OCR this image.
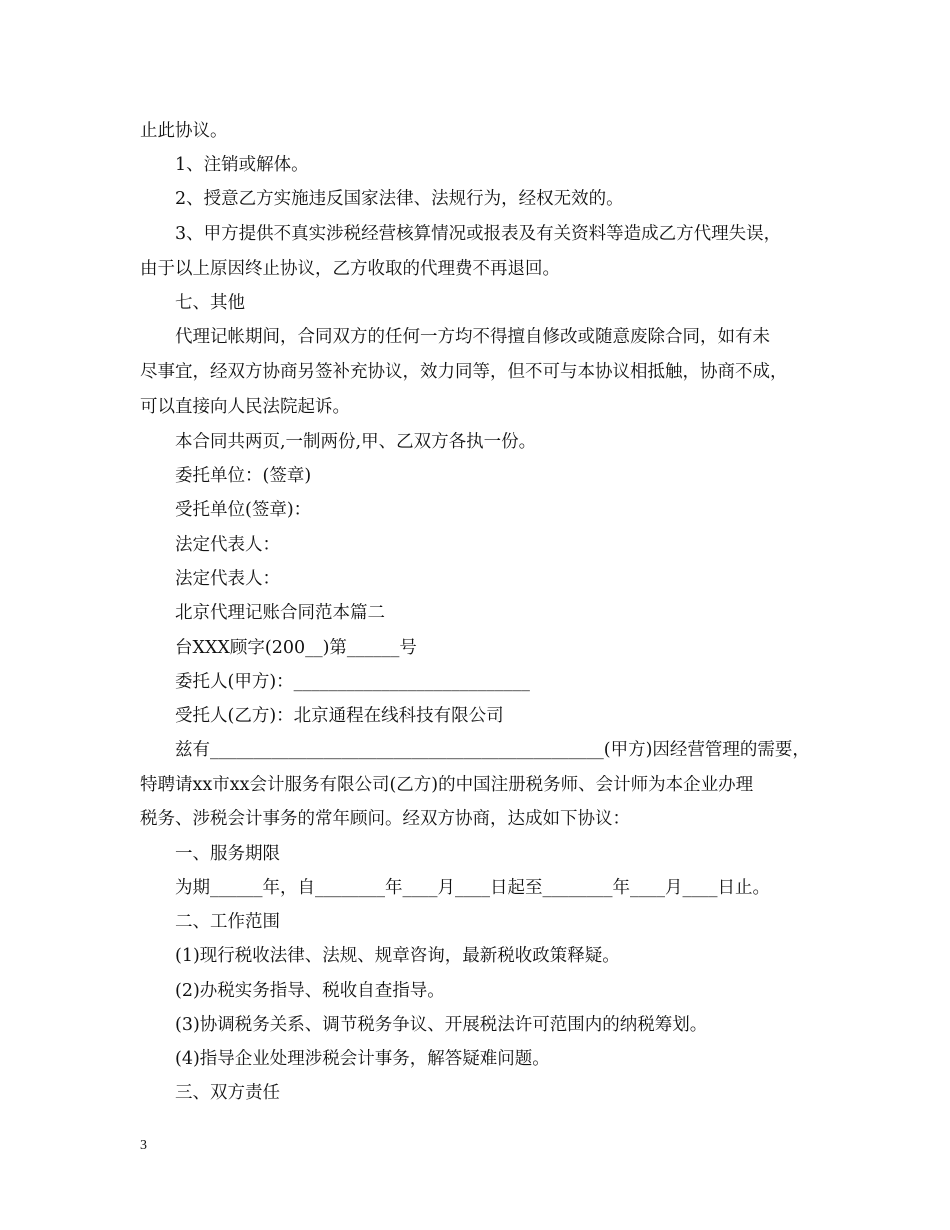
止此协议。
1、注销或解体。
2、授意乙方实施违反国家法律、法规行为，经权无效的。
3、甲方提供不真实涉税经营核算情况或报表及有关资料等造成乙方代理失误，
由于以上原因终止协议，乙方收取的代理费不再退回。
七、其他
代理记帐期间，合同双方的任何一方均不得擅自修改或随意废除合同，如有未
尽事宜，经双方协商另签补充协议，效力同等，但不可与本协议相抵触，协商不成，
可以直接向人民法院起诉。
本合同共两页,一制两份,甲、乙双方各执一份。
委托单位：(签章)
受托单位(签章)：
法定代表人：
法定代表人：
北京代理记账合同范本篇二
台XXX顾字(200__)第______号
委托人(甲方)：___________________________
受托人(乙方)：北京通程在线科技有限公司
兹有_____________________________________________(甲方)因经营管理的需要，
特聘请xx市xx会计服务有限公司(乙方)的中国注册税务师、会计师为本企业办理
税务、涉税会计事务的常年顾问。经双方协商，达成如下协议：
一、服务期限
为期______年，自________年____月____日起至________年____月____日止。
二、工作范围
(1)现行税收法律、法规、规章咨询，最新税收政策释疑。
(2)办税实务指导、税收自查指导。
(3)协调税务关系、调节税务争议、开展税法许可范围内的纳税筹划。
(4)指导企业处理涉税会计事务，解答疑难问题。
三、双方责任
3
